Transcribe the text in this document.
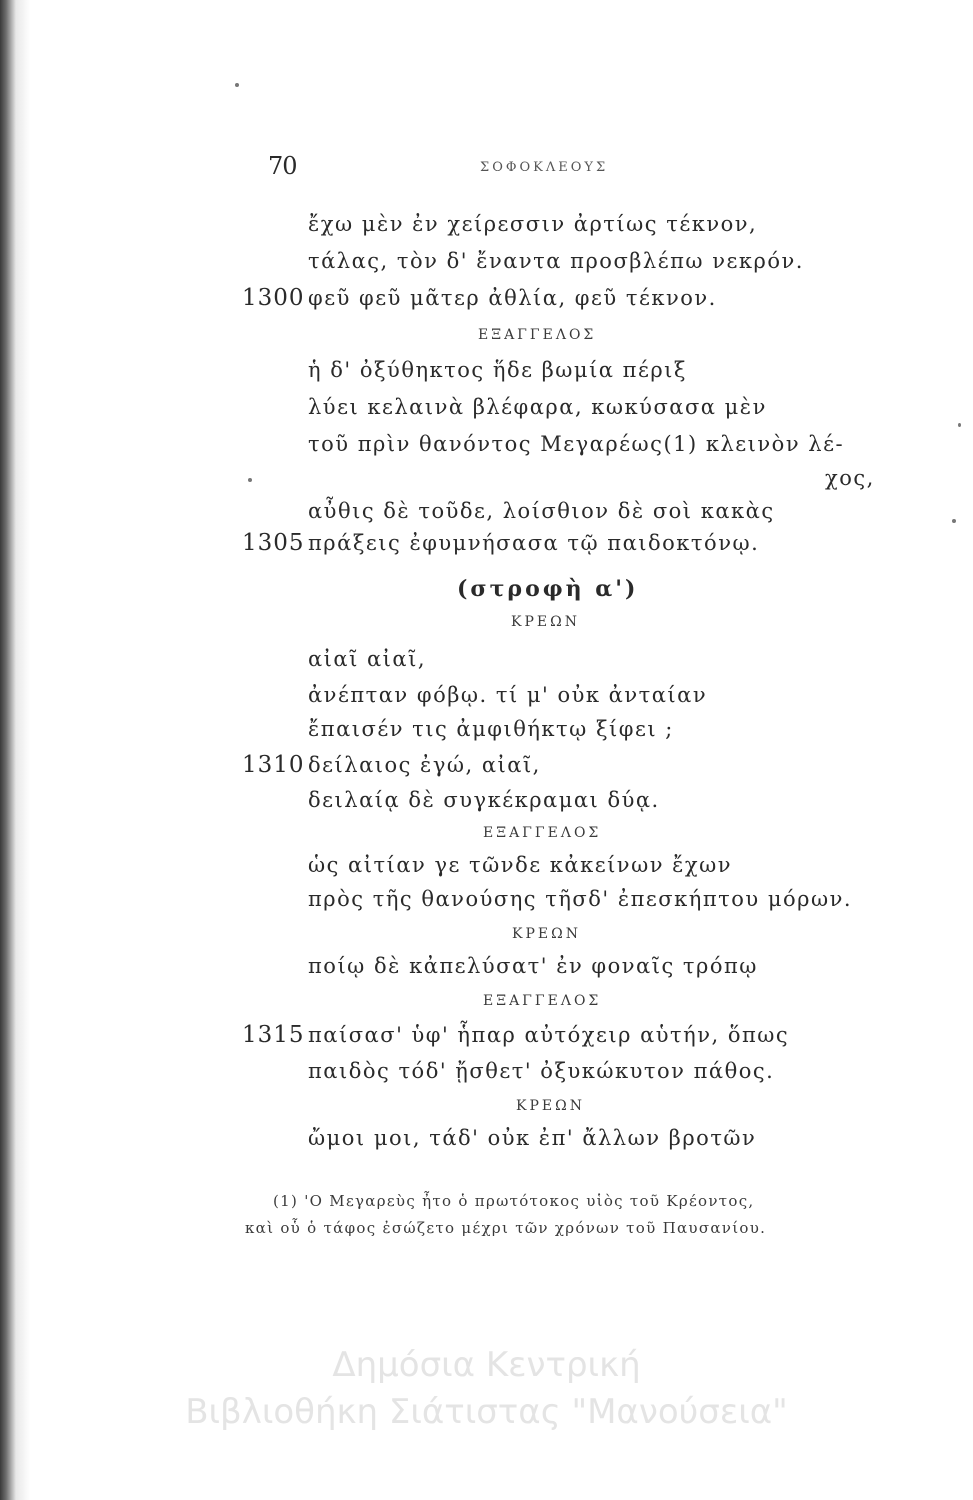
70	ΣΟΦΟΚΛΕΟΥΣ
ἔχω μὲν ἐν χείρεσσιν ἀρτίως τέκνον,
τάλας, τὸν δ' ἔναντα προσβλέπω νεκρόν.
1300 φεῦ φεῦ μᾶτερ ἀθλία, φεῦ τέκνον.
ΕΞΑΓΓΕΛΟΣ
ἡ δ' ὀξύθηκτος ἥδε βωμία πέριξ
λύει κελαινὰ βλέφαρα, κωκύσασα μὲν
τοῦ πρὶν θανόντος Μεγαρέως(1) κλεινὸν λέ-
χος,
αὖθις δὲ τοῦδε, λοίσθιον δὲ σοὶ κακὰς
1305 πράξεις ἐφυμνήσασα τῷ παιδοκτόνῳ.
(στροφὴ α')
ΚΡΕΩΝ
αἰαῖ αἰαῖ,
ἀνέπταν φόβῳ. τί μ' οὐκ ἀνταίαν
ἔπαισέν τις ἀμφιθήκτῳ ξίφει ;
1310 δείλαιος ἐγώ, αἰαῖ,
δειλαίᾳ δὲ συγκέκραμαι δύᾳ.
ΕΞΑΓΓΕΛΟΣ
ὡς αἰτίαν γε τῶνδε κἀκείνων ἔχων
πρὸς τῆς θανούσης τῆσδ' ἐπεσκήπτου μόρων.
ΚΡΕΩΝ
ποίῳ δὲ κἀπελύσατ' ἐν φοναῖς τρόπῳ
ΕΞΑΓΓΕΛΟΣ
1315 παίσασ' ὑφ' ἧπαρ αὐτόχειρ αὑτήν, ὅπως
παιδὸς τόδ' ᾔσθετ' ὀξυκώκυτον πάθος.
ΚΡΕΩΝ
ὤμοι μοι, τάδ' οὐκ ἐπ' ἄλλων βροτῶν
(1) 'Ο Μεγαρεὺς ἦτο ὁ πρωτότοκος υἱὸς τοῦ Κρέοντος,
καὶ οὗ ὁ τάφος ἐσώζετο μέχρι τῶν χρόνων τοῦ Παυσανίου.
Δημόσια Κεντρική
Βιβλιοθήκη Σιάτιστας "Μανούσεια"
